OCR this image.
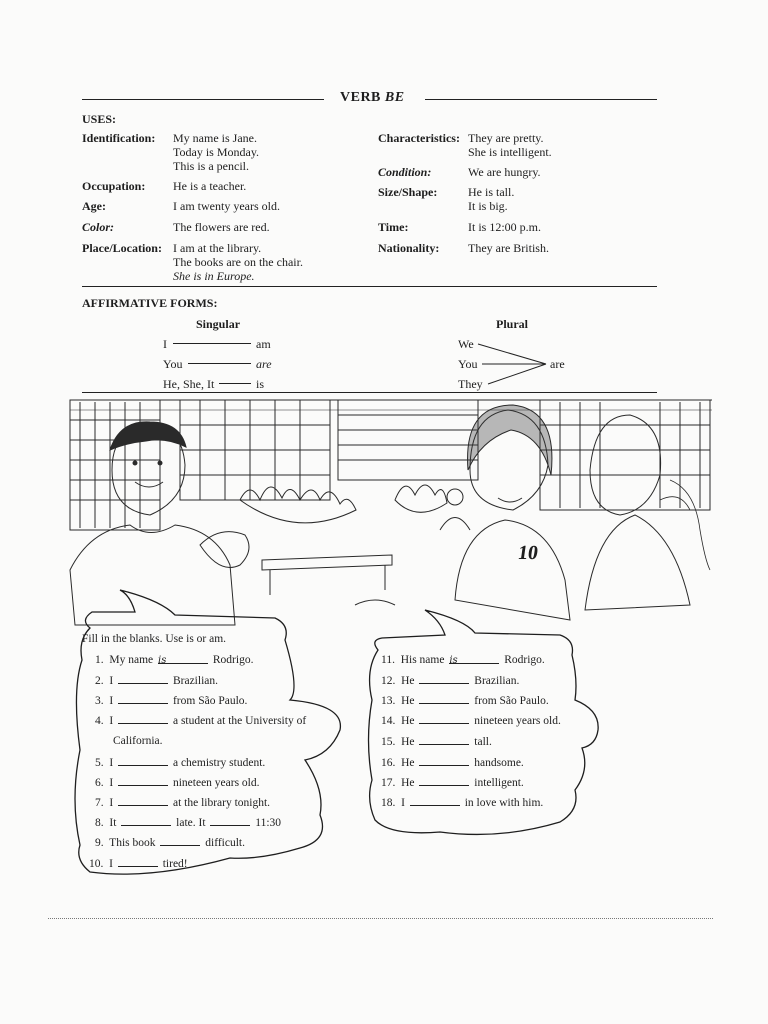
VERB BE
USES:
Identification: My name is Jane.
Today is Monday.
This is a pencil.
Occupation: He is a teacher.
Age:	I am twenty years old.
Color:	The flowers are red.
Place/Location: I am at the library.
The books are on the chair.
She is in Europe.
Characteristics: They are pretty.
She is intelligent.
Condition:	We are hungry.
Size/Shape:	He is tall.
It is big.
Time:	It is 12:00 p.m.
Nationality: They are British.
AFFIRMATIVE FORMS:
Singular	Plural
I	am
You	are
He, She, It	is
We
You
They
are
10
Fill in the blanks. Use is or am.
1. My name is	Rodrigo.
2. I	Brazilian.
3. I	from São Paulo.
4. I	a student at the University of
California.
5. I	a chemistry student.
6. I	nineteen years old.
7. I	at the library tonight.
8. It	late. It	11:30
9. This book	difficult.
10. I	tired!
11. His name is	Rodrigo.
12. He	Brazilian.
13. He	from São Paulo.
14. He	nineteen years old.
15. He	tall.
16. He	handsome.
17. He	intelligent.
18. I	in love with him.
